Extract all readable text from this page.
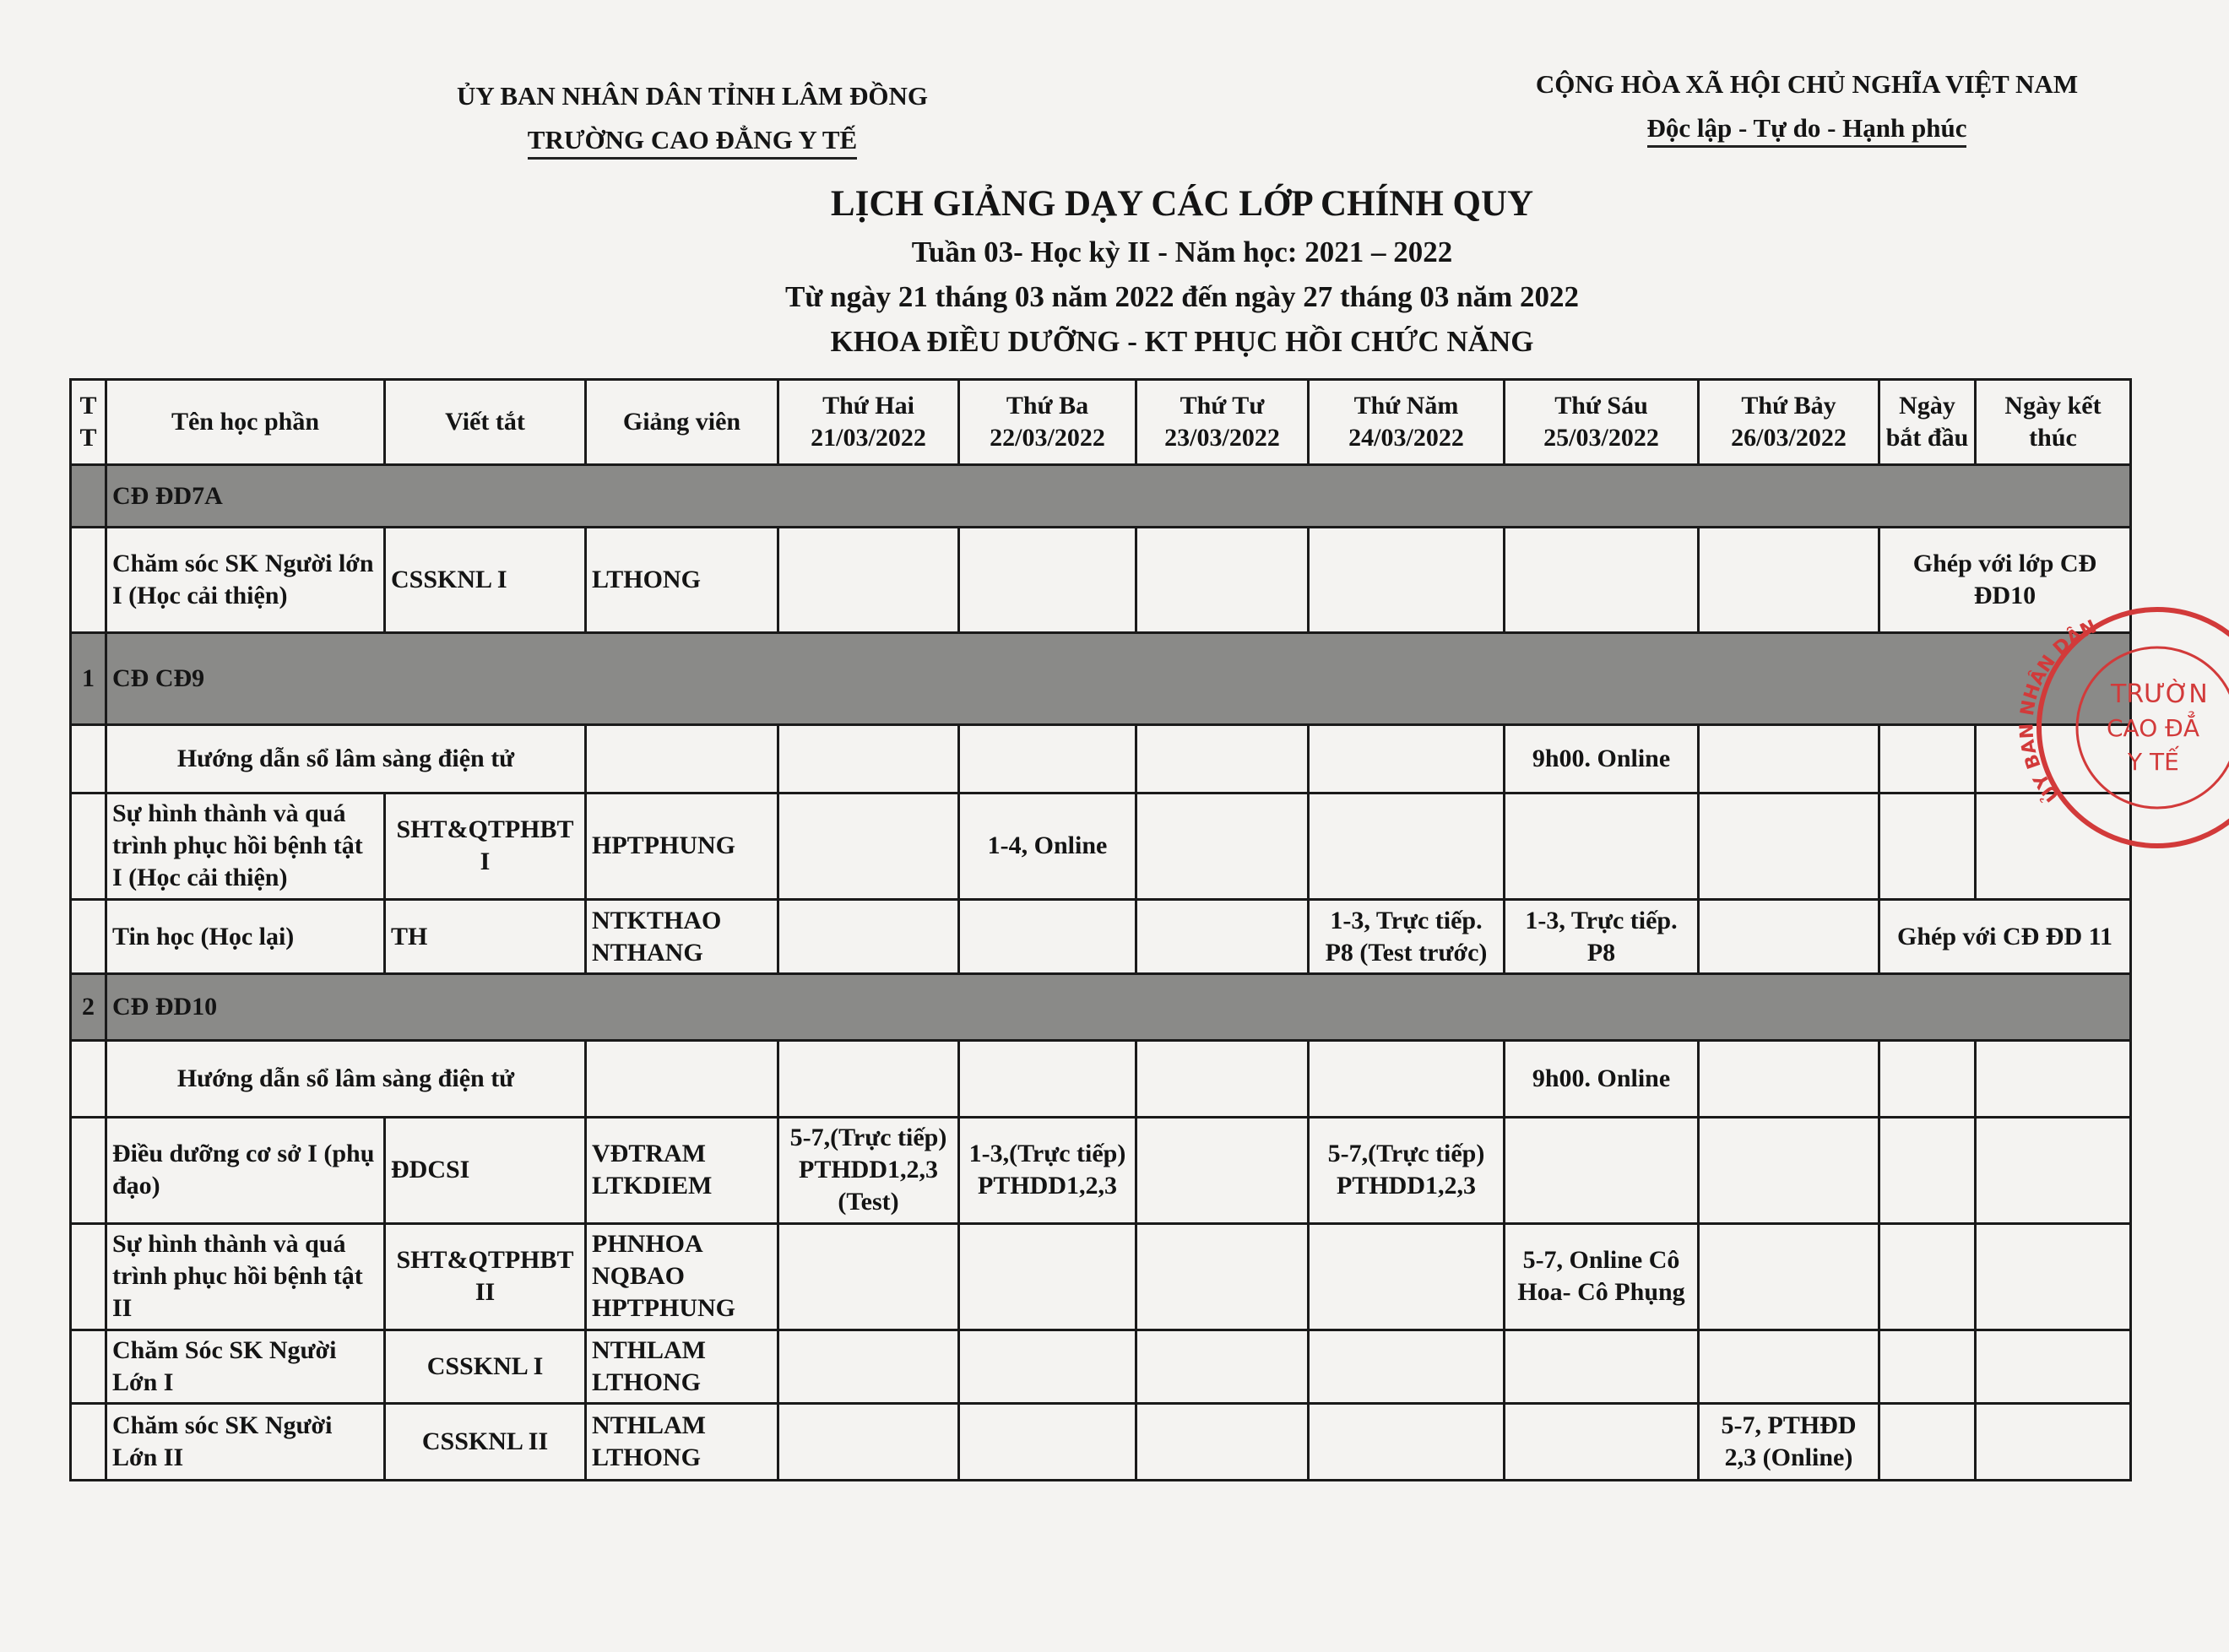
ỦY BAN NHÂN DÂN TỈNH LÂM ĐỒNG
TRƯỜNG CAO ĐẲNG Y TẾ
CỘNG HÒA XÃ HỘI CHỦ NGHĨA VIỆT NAM
Độc lập - Tự do - Hạnh phúc
LỊCH GIẢNG DẠY CÁC LỚP CHÍNH QUY
Tuần 03- Học kỳ II - Năm học: 2021 – 2022
Từ ngày 21 tháng 03 năm 2022 đến ngày 27 tháng 03 năm 2022
KHOA ĐIỀU DƯỠNG - KT PHỤC HỒI CHỨC NĂNG
T T	Tên học phần	Viết tắt	Giảng viên	Thứ Hai 21/03/2022	Thứ Ba 22/03/2022	Thứ Tư 23/03/2022	Thứ Năm 24/03/2022	Thứ Sáu 25/03/2022	Thứ Bảy 26/03/2022	Ngày bắt đầu	Ngày kết thúc
	CĐ ĐD7A										
	Chăm sóc SK Người lớn I (Học cải thiện)	CSSKNL I	LTHONG							Ghép với lớp CĐ ĐD10	
1	CĐ CĐ9										
	Hướng dẫn sổ lâm sàng điện tử							9h00. Online			
	Sự hình thành và quá trình phục hồi bệnh tật I (Học cải thiện)	SHT&QTPHBT I	HPTPHUNG		1-4, Online						
	Tin học (Học lại)	TH	NTKTHAO NTHANG				1-3, Trực tiếp. P8 (Test trước)	1-3, Trực tiếp. P8		Ghép với CĐ ĐD 11	
2	CĐ ĐD10										
	Hướng dẫn sổ lâm sàng điện tử							9h00. Online			
	Điều dưỡng cơ sở I (phụ đạo)	ĐDCSI	VĐTRAM LTKDIEM	5-7,(Trực tiếp) PTHDD1,2,3 (Test)	1-3,(Trực tiếp) PTHDD1,2,3		5-7,(Trực tiếp) PTHDD1,2,3				
	Sự hình thành và quá trình phục hồi bệnh tật II	SHT&QTPHBT II	PHNHOA NQBAO HPTPHUNG					5-7, Online Cô Hoa- Cô Phụng			
	Chăm Sóc SK Người Lớn I	CSSKNL I	NTHLAM LTHONG								
	Chăm sóc SK Người Lớn II	CSSKNL II	NTHLAM LTHONG						5-7, PTHĐD 2,3 (Online)		
ỦY BAN NHÂN DÂN
TRƯỜN
CAO ĐẲ
Y TẾ
